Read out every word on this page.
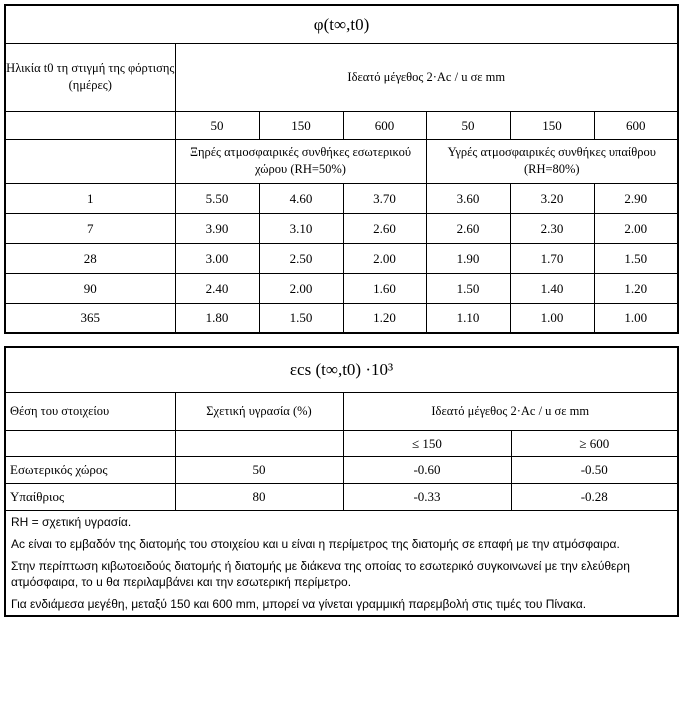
φ(t∞,t0)						
Ηλικία t0 τη στιγμή της φόρτισης (ημέρες)	Ιδεατό μέγεθος 2·Ac / u σε mm					
	50	150	600	50	150	600
	Ξηρές ατμοσφαιρικές συνθήκες εσωτερικού χώρου (RH=50%)			Υγρές ατμοσφαιρικές συνθήκες υπαίθρου (RH=80%)		
1	5.50	4.60	3.70	3.60	3.20	2.90
7	3.90	3.10	2.60	2.60	2.30	2.00
28	3.00	2.50	2.00	1.90	1.70	1.50
90	2.40	2.00	1.60	1.50	1.40	1.20
365	1.80	1.50	1.20	1.10	1.00	1.00
εcs (t∞,t0) ·10³			
Θέση του στοιχείου	Σχετική υγρασία (%)	Ιδεατό μέγεθος 2·Ac / u σε mm	
		≤ 150	≥ 600
Εσωτερικός χώρος	50	-0.60	-0.50
Υπαίθριος	80	-0.33	-0.28

RH = σχετική υγρασία.
Ac είναι το εμβαδόν της διατομής του στοιχείου και u είναι η περίμετρος της διατομής σε επαφή με την ατμόσφαιρα.
Στην περίπτωση κιβωτοειδούς διατομής ή διατομής με διάκενα της οποίας το εσωτερικό συγκοινωνεί με την ελεύθερη ατμόσφαιρα, το u θα περιλαμβάνει και την εσωτερική περίμετρο.
Για ενδιάμεσα μεγέθη, μεταξύ 150 και 600 mm, μπορεί να γίνεται γραμμική παρεμβολή στις τιμές του Πίνακα.			
